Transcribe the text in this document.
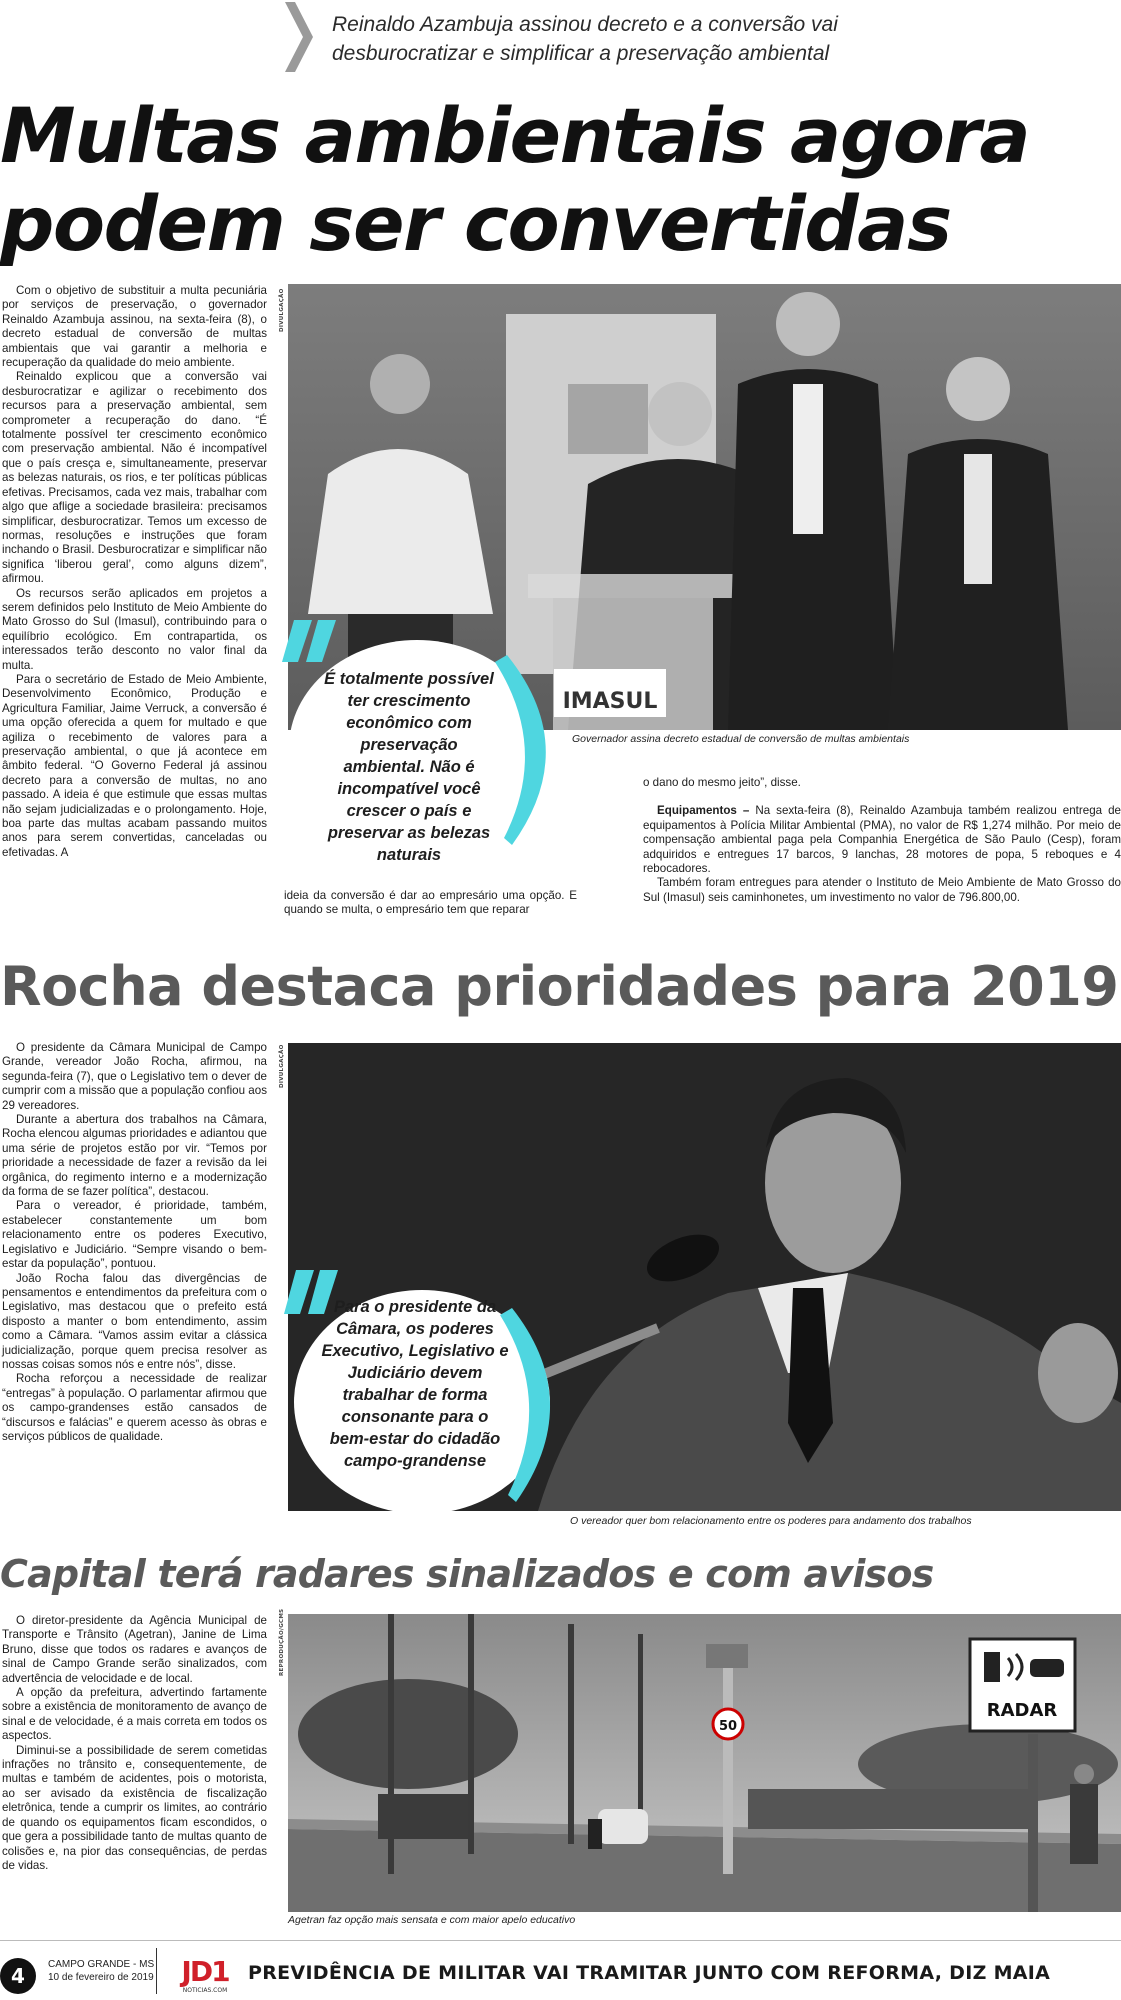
Reinaldo Azambuja assinou decreto e a conversão vai
desburocratizar e simplificar a preservação ambiental
Multas ambientais agora
podem ser convertidas

Com o objetivo de substituir a multa pecuniária por serviços de preservação, o governador Reinaldo Azambuja assinou, na sexta-feira (8), o decreto estadual de conversão de multas ambientais que vai garantir a melhoria e recuperação da qualidade do meio ambiente.

Reinaldo explicou que a conversão vai desburocratizar e agilizar o recebimento dos recursos para a preservação ambiental, sem comprometer a recuperação do dano. “É totalmente possível ter crescimento econômico com preservação ambiental. Não é incompatível que o país cresça e, simultaneamente, preservar as belezas naturais, os rios, e ter políticas públicas efetivas. Precisamos, cada vez mais, trabalhar com algo que aflige a sociedade brasileira: precisamos simplificar, desburocratizar. Temos um excesso de normas, resoluções e instruções que foram inchando o Brasil. Desburocratizar e simplificar não significa ‘liberou geral’, como alguns dizem”, afirmou.

Os recursos serão aplicados em projetos a serem definidos pelo Instituto de Meio Ambiente do Mato Grosso do Sul (Imasul), contribuindo para o equilíbrio ecológico. Em contrapartida, os interessados terão desconto no valor final da multa.

Para o secretário de Estado de Meio Ambiente, Desenvolvimento Econômico, Produção e Agricultura Familiar, Jaime Verruck, a conversão é uma opção oferecida a quem for multado e que agiliza o recebimento de valores para a preservação ambiental, o que já acontece em âmbito federal. “O Governo Federal já assinou decreto para a conversão de multas, no ano passado. A ideia é que estimule que essas multas não sejam judicializadas e o prolongamento. Hoje, boa parte das multas acabam passando muitos anos para serem convertidas, canceladas ou efetivadas. A

DIVULGAÇÃO
IMASUL
Governador assina decreto estadual de conversão de multas ambientais
É totalmente possível ter crescimento econômico com preservação ambiental. Não é incompatível você crescer o país e preservar as belezas naturais

ideia da conversão é dar ao empresário uma opção. E quando se multa, o empresário tem que reparar

o dano do mesmo jeito”, disse.

Equipamentos – Na sexta-feira (8), Reinaldo Azambuja também realizou entrega de equipamentos à Polícia Militar Ambiental (PMA), no valor de R$ 1,274 milhão. Por meio de compensação ambiental paga pela Companhia Energética de São Paulo (Cesp), foram adquiridos e entregues 17 barcos, 9 lanchas, 28 motores de popa, 5 reboques e 4 rebocadores.

Também foram entregues para atender o Instituto de Meio Ambiente de Mato Grosso do Sul (Imasul) seis caminhonetes, um investimento no valor de 796.800,00.

Rocha destaca prioridades para 2019

O presidente da Câmara Municipal de Campo Grande, vereador João Rocha, afirmou, na segunda-feira (7), que o Legislativo tem o dever de cumprir com a missão que a população confiou aos 29 vereadores.

Durante a abertura dos trabalhos na Câmara, Rocha elencou algumas prioridades e adiantou que uma série de projetos estão por vir. “Temos por prioridade a necessidade de fazer a revisão da lei orgânica, do regimento interno e a modernização da forma de se fazer política”, destacou.

Para o vereador, é prioridade, também, estabelecer constantemente um bom relacionamento entre os poderes Executivo, Legislativo e Judiciário. “Sempre visando o bem-estar da população”, pontuou.

João Rocha falou das divergências de pensamentos e entendimentos da prefeitura com o Legislativo, mas destacou que o prefeito está disposto a manter o bom entendimento, assim como a Câmara. “Vamos assim evitar a clássica judicialização, porque quem precisa resolver as nossas coisas somos nós e entre nós”, disse.

Rocha reforçou a necessidade de realizar “entregas” à população. O parlamentar afirmou que os campo-grandenses estão cansados de “discursos e falácias” e querem acesso às obras e serviços públicos de qualidade.

DIVULGAÇÃO
O vereador quer bom relacionamento entre os poderes para andamento dos trabalhos
Para o presidente da Câmara, os poderes Executivo, Legislativo e Judiciário devem trabalhar de forma consonante para o bem-estar do cidadão campo-grandense
Capital terá radares sinalizados e com avisos

O diretor-presidente da Agência Municipal de Transporte e Trânsito (Agetran), Janine de Lima Bruno, disse que todos os radares e avanços de sinal de Campo Grande serão sinalizados, com advertência de velocidade e de local.

A opção da prefeitura, advertindo fartamente sobre a existência de monitoramento de avanço de sinal e de velocidade, é a mais correta em todos os aspectos.

Diminui-se a possibilidade de serem cometidas infrações no trânsito e, consequentemente, de multas e também de acidentes, pois o motorista, ao ser avisado da existência de fiscalização eletrônica, tende a cumprir os limites, ao contrário de quando os equipamentos ficam escondidos, o que gera a possibilidade tanto de multas quanto de colisões e, na pior das consequências, de perdas de vidas.

REPRODUÇÃO/GCMS
50
RADAR
Agetran faz opção mais sensata e com maior apelo educativo
4	CAMPO GRANDE - MS
10 de fevereiro de 2019 JD1
NOTICIAS.COM
PREVIDÊNCIA DE MILITAR VAI TRAMITAR JUNTO COM REFORMA, DIZ MAIA
